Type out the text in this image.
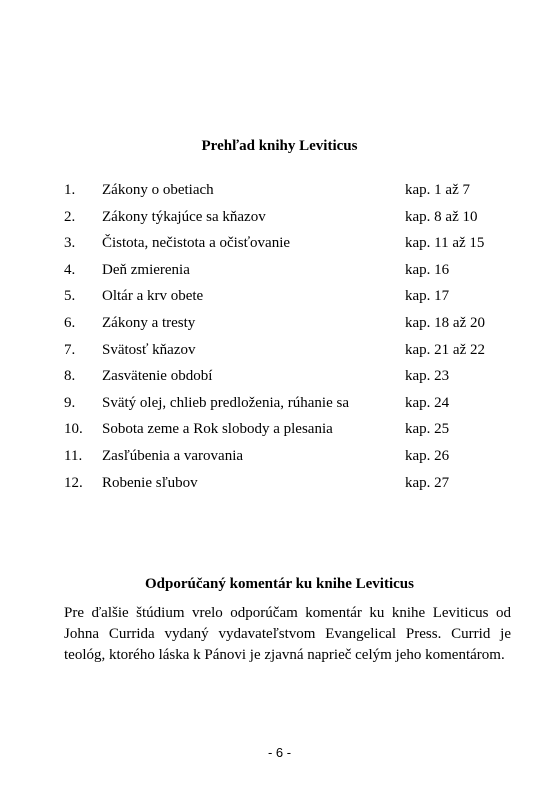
Prehľad knihy Leviticus
1. Zákony o obetiach	kap. 1 až 7
2. Zákony týkajúce sa kňazov	kap. 8 až 10
3. Čistota, nečistota a očisťovanie	kap. 11 až 15
4. Deň zmierenia	kap. 16
5. Oltár a krv obete	kap. 17
6. Zákony a tresty	kap. 18 až 20
7. Svätosť kňazov	kap. 21 až 22
8. Zasvätenie období	kap. 23
9. Svätý olej, chlieb predloženia, rúhanie sa	kap. 24
10. Sobota zeme a Rok slobody a plesania	kap. 25
11. Zasľúbenia a varovania	kap. 26
12. Robenie sľubov	kap. 27
Odporúčaný komentár ku knihe Leviticus

Pre ďalšie štúdium vrelo odporúčam komentár ku knihe Leviticus od Johna Currida vydaný vydavateľstvom Evangelical Press. Currid je teológ, ktorého láska k Pánovi je zjavná naprieč celým jeho komentárom.

- 6 -
